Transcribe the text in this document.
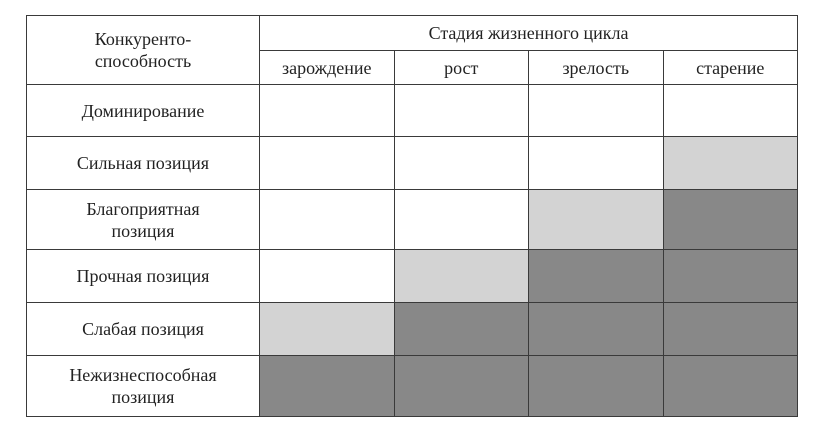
Конкуренто-
способность	Стадия жизненного цикла			
	зарождение	рост	зрелость	старение
Доминирование				
Сильная позиция				
Благоприятная
позиция				
Прочная позиция				
Слабая позиция				
Нежизнеспособная
позиция				
